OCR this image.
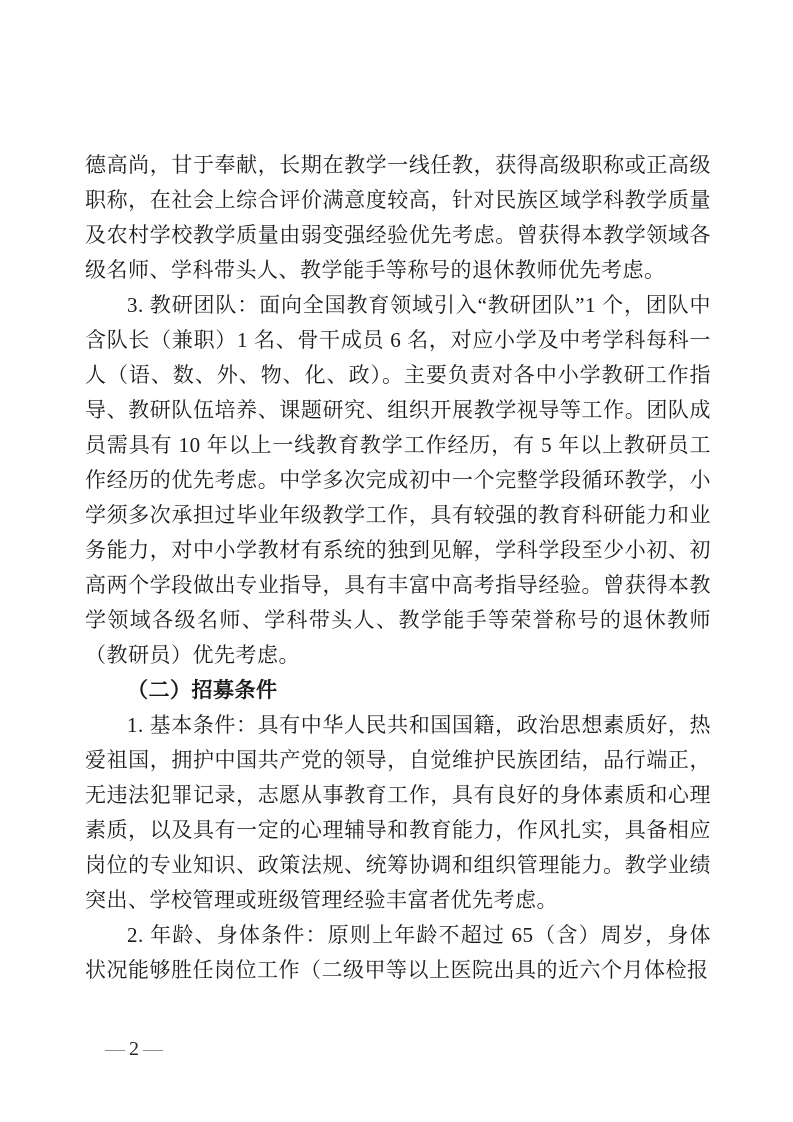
德高尚，甘于奉献，长期在教学一线任教，获得高级职称或正高级职称，在社会上综合评价满意度较高，针对民族区域学科教学质量及农村学校教学质量由弱变强经验优先考虑。曾获得本教学领域各级名师、学科带头人、教学能手等称号的退休教师优先考虑。

3. 教研团队：面向全国教育领域引入“教研团队”1 个，团队中含队长（兼职）1 名、骨干成员 6 名，对应小学及中考学科每科一人（语、数、外、物、化、政）。主要负责对各中小学教研工作指导、教研队伍培养、课题研究、组织开展教学视导等工作。团队成员需具有 10 年以上一线教育教学工作经历，有 5 年以上教研员工作经历的优先考虑。中学多次完成初中一个完整学段循环教学，小学须多次承担过毕业年级教学工作，具有较强的教育科研能力和业务能力，对中小学教材有系统的独到见解，学科学段至少小初、初高两个学段做出专业指导，具有丰富中高考指导经验。曾获得本教学领域各级名师、学科带头人、教学能手等荣誉称号的退休教师（教研员）优先考虑。

（二）招募条件

1. 基本条件：具有中华人民共和国国籍，政治思想素质好，热爱祖国，拥护中国共产党的领导，自觉维护民族团结，品行端正，无违法犯罪记录，志愿从事教育工作，具有良好的身体素质和心理素质，以及具有一定的心理辅导和教育能力，作风扎实，具备相应岗位的专业知识、政策法规、统筹协调和组织管理能力。教学业绩突出、学校管理或班级管理经验丰富者优先考虑。

2. 年龄、身体条件：原则上年龄不超过 65（含）周岁，身体状况能够胜任岗位工作（二级甲等以上医院出具的近六个月体检报

— 2 —
